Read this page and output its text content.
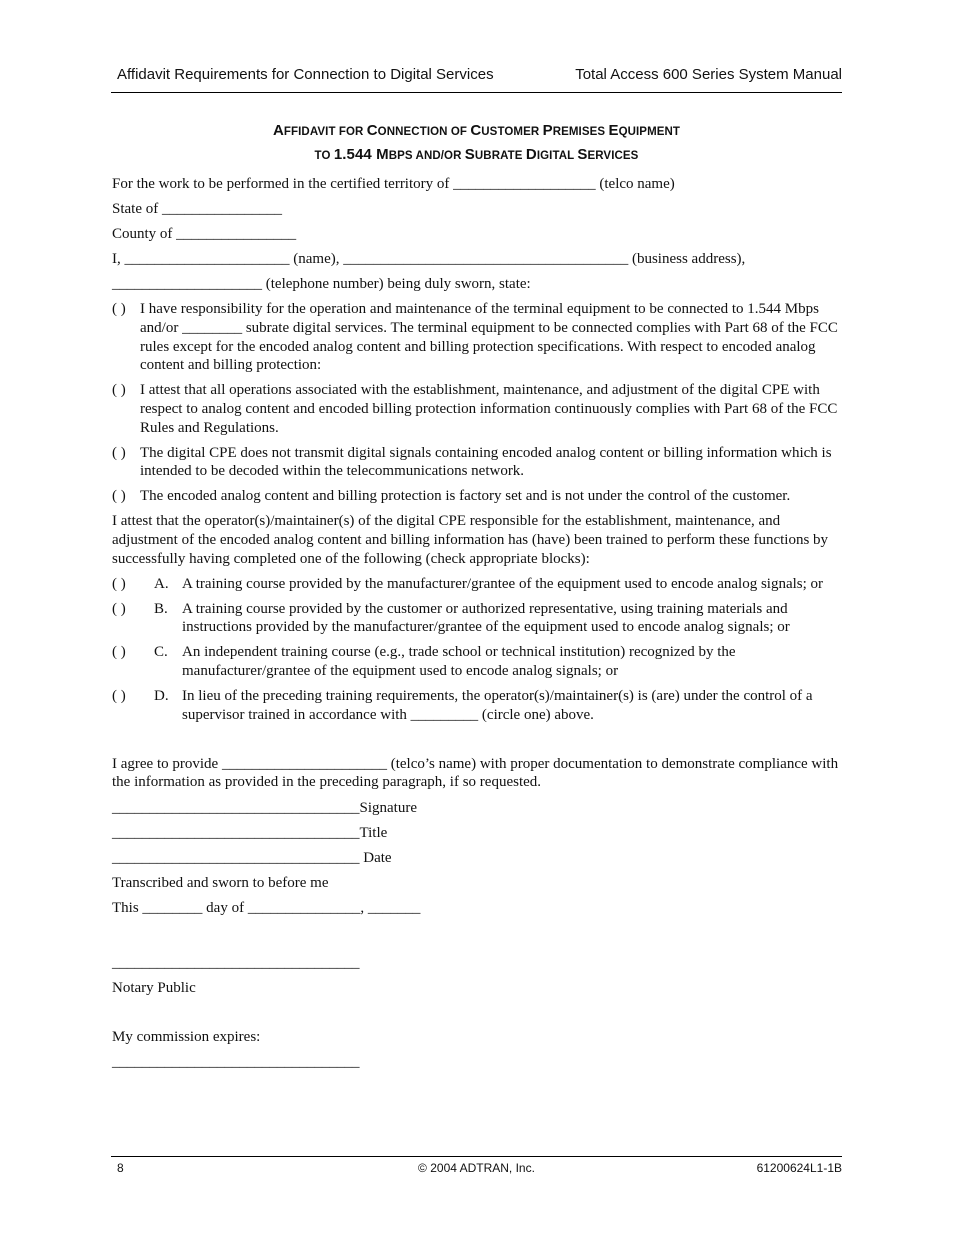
Affidavit Requirements for Connection to Digital Services	Total Access 600 Series System Manual
AFFIDAVIT FOR CONNECTION OF CUSTOMER PREMISES EQUIPMENT
TO 1.544 MBPS AND/OR SUBRATE DIGITAL SERVICES

For the work to be performed in the certified territory of ___________________ (telco name)

State of ________________

County of ________________

I, ______________________ (name), ______________________________________ (business address),

____________________ (telephone number) being duly sworn, state:

( ) I have responsibility for the operation and maintenance of the terminal equipment to be connected to 1.544 Mbps and/or ________ subrate digital services. The terminal equipment to be connected complies with Part 68 of the FCC rules except for the encoded analog content and billing protection specifications. With respect to encoded analog content and billing protection:
( ) I attest that all operations associated with the establishment, maintenance, and adjustment of the digital CPE with respect to analog content and encoded billing protection information continuously complies with Part 68 of the FCC Rules and Regulations.
( ) The digital CPE does not transmit digital signals containing encoded analog content or billing information which is intended to be decoded within the telecommunications network.
( ) The encoded analog content and billing protection is factory set and is not under the control of the customer.

I attest that the operator(s)/maintainer(s) of the digital CPE responsible for the establishment, maintenance, and adjustment of the encoded analog content and billing information has (have) been trained to perform these functions by successfully having completed one of the following (check appropriate blocks):

( ) A. A training course provided by the manufacturer/grantee of the equipment used to encode analog signals; or
( ) B. A training course provided by the customer or authorized representative, using training materials and instructions provided by the manufacturer/grantee of the equipment used to encode analog signals; or
( ) C. An independent training course (e.g., trade school or technical institution) recognized by the manufacturer/grantee of the equipment used to encode analog signals; or
( ) D. In lieu of the preceding training requirements, the operator(s)/maintainer(s) is (are) under the control of a supervisor trained in accordance with _________ (circle one) above.

I agree to provide ______________________ (telco’s name) with proper documentation to demonstrate compliance with the information as provided in the preceding paragraph, if so requested.

_________________________________Signature

_________________________________Title

_________________________________ Date

Transcribed and sworn to before me

This ________ day of _______________, _______

_________________________________

Notary Public

My commission expires:

_________________________________

8	© 2004 ADTRAN, Inc.	61200624L1-1B
